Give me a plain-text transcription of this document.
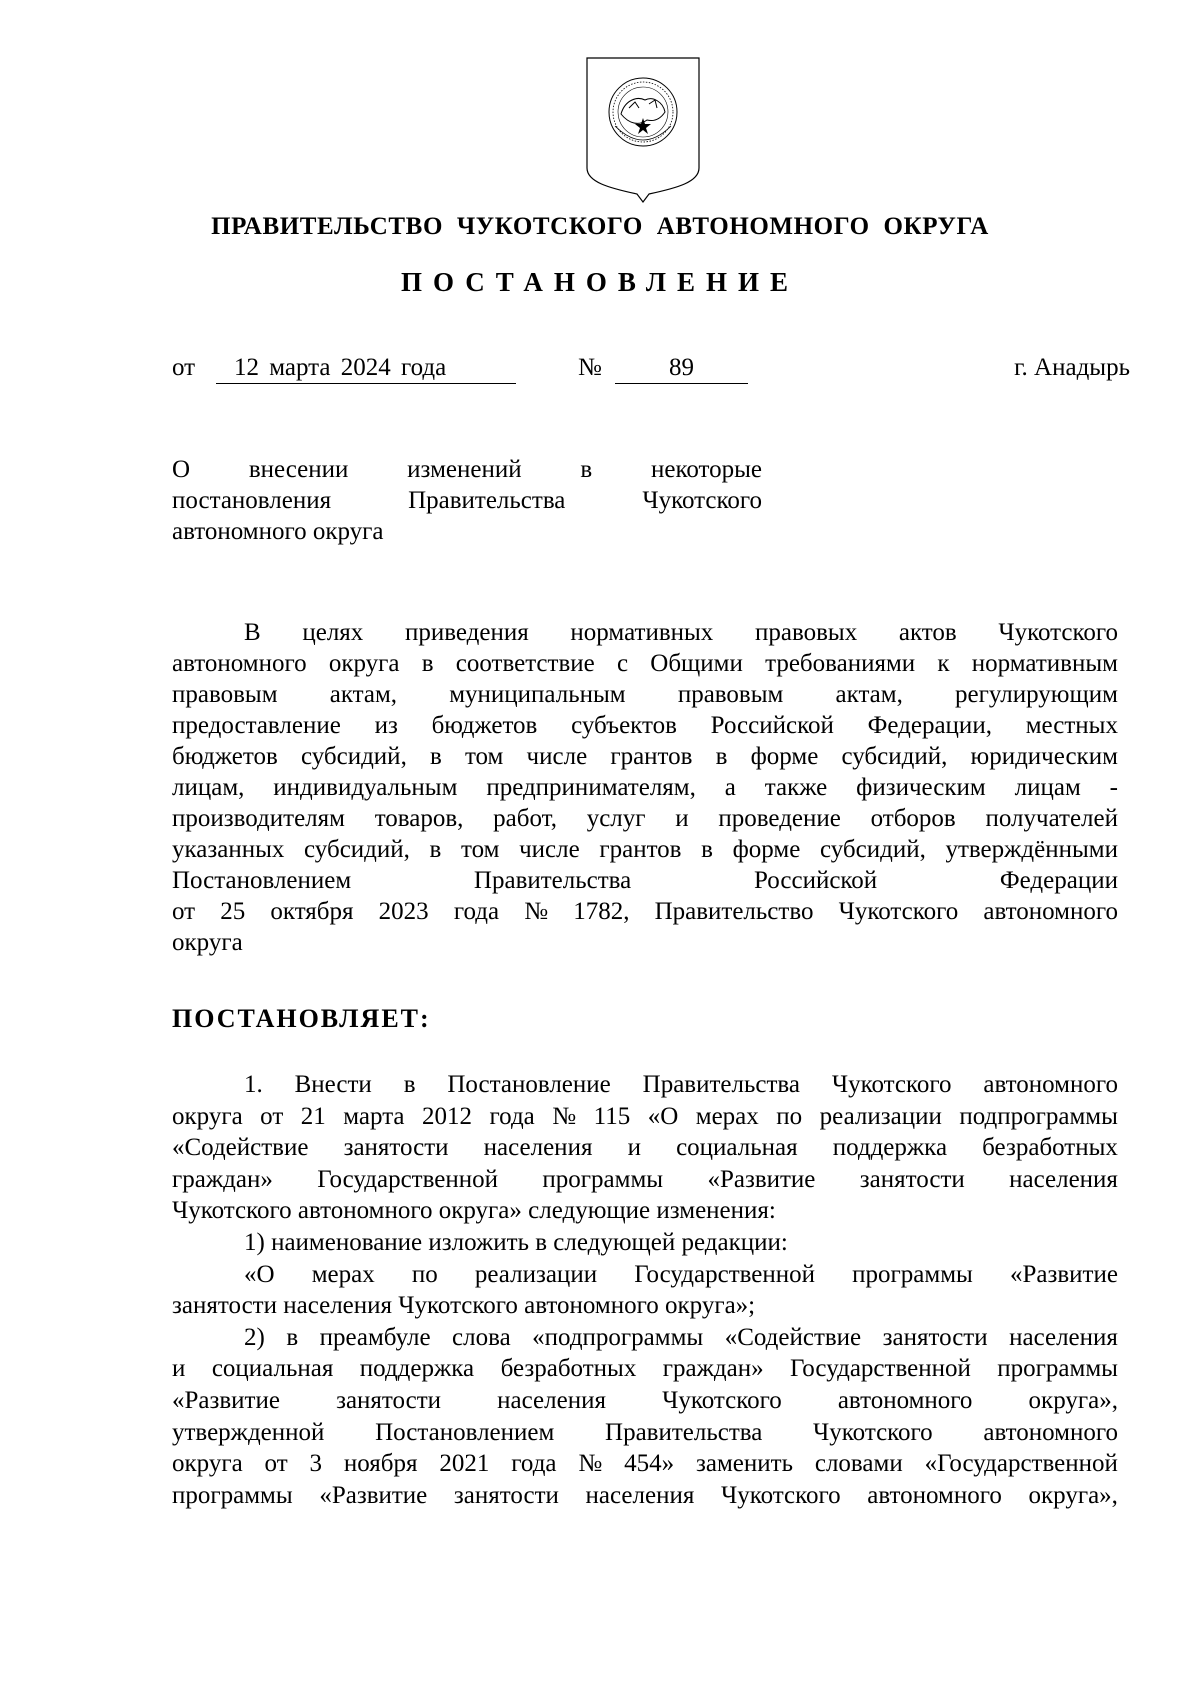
ПРАВИТЕЛЬСТВО ЧУКОТСКОГО АВТОНОМНОГО ОКРУГА
ПОСТАНОВЛЕНИЕ
от	12 марта 2024 года	№	89	г. Анадырь
О внесении изменений в некоторые
постановления	Правительства	Чукотского
автономного округа
В целях приведения нормативных правовых актов Чукотского
автономного округа в соответствие с Общими требованиями к нормативным
правовым актам, муниципальным правовым актам, регулирующим
предоставление из бюджетов субъектов Российской Федерации, местных
бюджетов субсидий, в том числе грантов в форме субсидий, юридическим
лицам, индивидуальным предпринимателям, а также физическим лицам -
производителям товаров, работ, услуг и проведение отборов получателей
указанных субсидий, в том числе грантов в форме субсидий, утверждёнными
Постановлением	Правительства	Российской	Федерации
от 25 октября 2023 года № 1782, Правительство Чукотского автономного
округа
ПОСТАНОВЛЯЕТ:
1. Внести в Постановление Правительства Чукотского автономного
округа от 21 марта 2012 года № 115 «О мерах по реализации подпрограммы
«Содействие занятости населения и социальная поддержка безработных
граждан» Государственной программы «Развитие занятости населения
Чукотского автономного округа» следующие изменения:
1) наименование изложить в следующей редакции:
«О мерах по реализации Государственной программы «Развитие
занятости населения Чукотского автономного округа»;
2) в преамбуле слова «подпрограммы «Содействие занятости населения
и социальная поддержка безработных граждан» Государственной программы
«Развитие занятости населения Чукотского автономного округа»,
утвержденной Постановлением Правительства Чукотского автономного
округа от 3 ноября 2021 года № 454» заменить словами «Государственной
программы «Развитие занятости населения Чукотского автономного округа»,
